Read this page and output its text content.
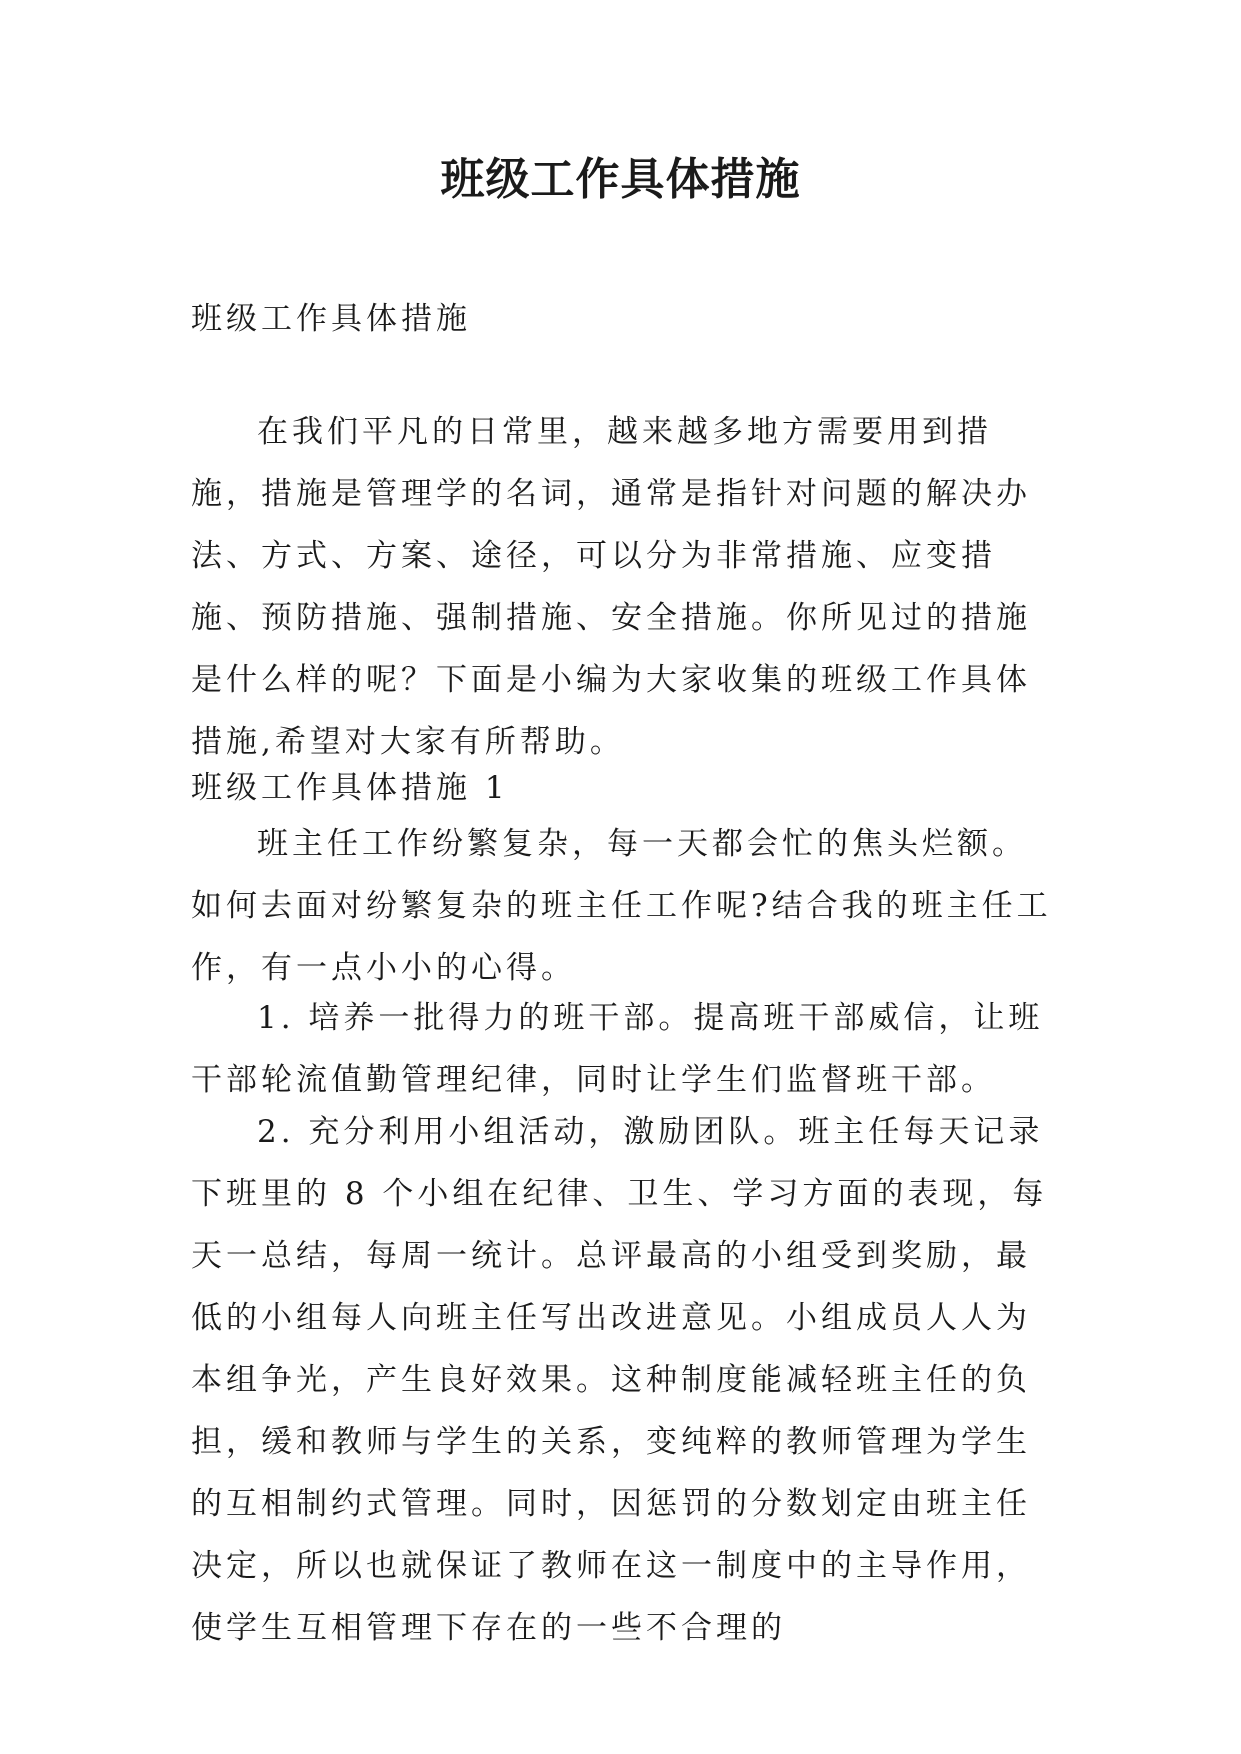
班级工作具体措施

班级工作具体措施

在我们平凡的日常里，越来越多地方需要用到措施，措施是管理学的名词，通常是指针对问题的解决办法、方式、方案、途径，可以分为非常措施、应变措施、预防措施、强制措施、安全措施。你所见过的措施是什么样的呢？下面是小编为大家收集的班级工作具体措施,希望对大家有所帮助。

班级工作具体措施 1

班主任工作纷繁复杂，每一天都会忙的焦头烂额。如何去面对纷繁复杂的班主任工作呢?结合我的班主任工作，有一点小小的心得。

1. 培养一批得力的班干部。提高班干部威信，让班干部轮流值勤管理纪律，同时让学生们监督班干部。

2. 充分利用小组活动，激励团队。班主任每天记录下班里的 8 个小组在纪律、卫生、学习方面的表现，每天一总结，每周一统计。总评最高的小组受到奖励，最低的小组每人向班主任写出改进意见。小组成员人人为本组争光，产生良好效果。这种制度能减轻班主任的负担，缓和教师与学生的关系，变纯粹的教师管理为学生的互相制约式管理。同时，因惩罚的分数划定由班主任决定，所以也就保证了教师在这一制度中的主导作用，使学生互相管理下存在的一些不合理的
